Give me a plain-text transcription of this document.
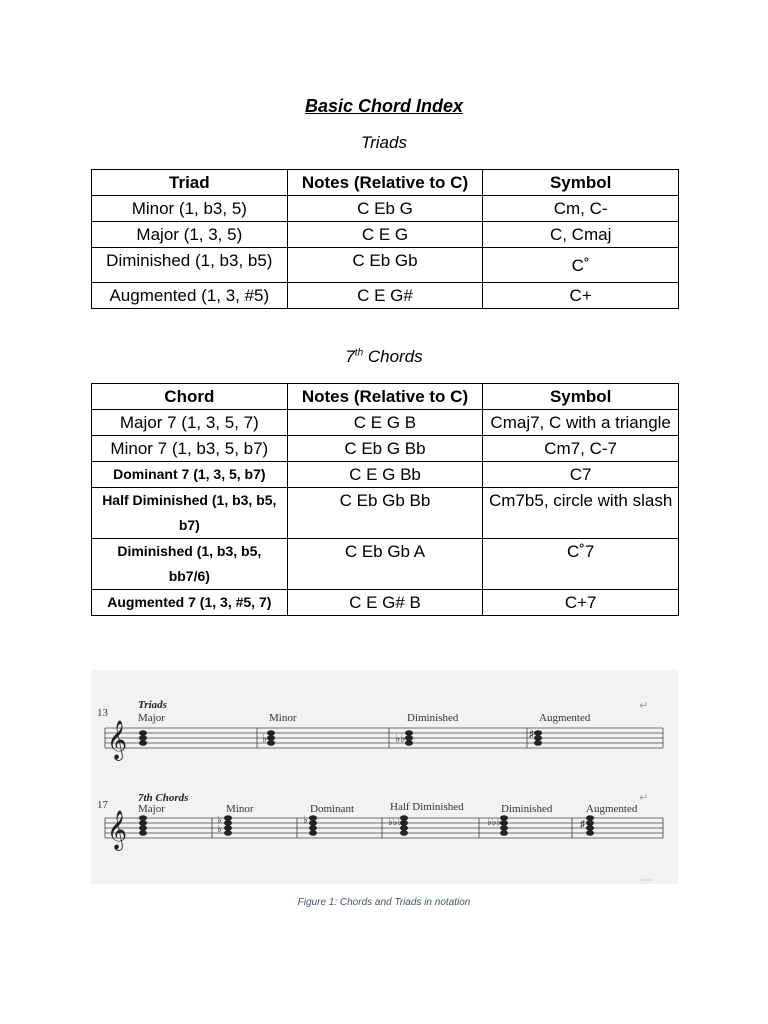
Basic Chord Index
Triads
Triad	Notes (Relative to C)	Symbol
Minor (1, b3, 5)	C Eb G	Cm, C-
Major (1, 3, 5)	C E G	C, Cmaj
Diminished (1, b3, b5)	C Eb Gb	C˚
Augmented (1, 3, #5)	C E G#	C+
7th Chords
Chord	Notes (Relative to C)	Symbol
Major 7 (1, 3, 5, 7)	C E G B	Cmaj7, C with a triangle
Minor 7 (1, b3, 5, b7)	C Eb G Bb	Cm7, C-7
Dominant 7 (1, 3, 5, b7)	C E G Bb	C7
Half Diminished (1, b3, b5, b7)	C Eb Gb Bb	Cm7b5, circle with slash
Diminished (1, b3, b5, bb7/6)	C Eb Gb A	C˚7
Augmented 7 (1, 3, #5, 7)	C E G# B	C+7
13
Triads
Major	Minor	Diminished	Augmented
𝄞	♭	♭♭	♯
↵
17
7th Chords
Major	Minor	Dominant	Half Diminished	Diminished	Augmented
𝄞	♭
♭
♭	♭♭♭	♭♭♭	♯
↵
Figure 1: Chords and Triads in notation
